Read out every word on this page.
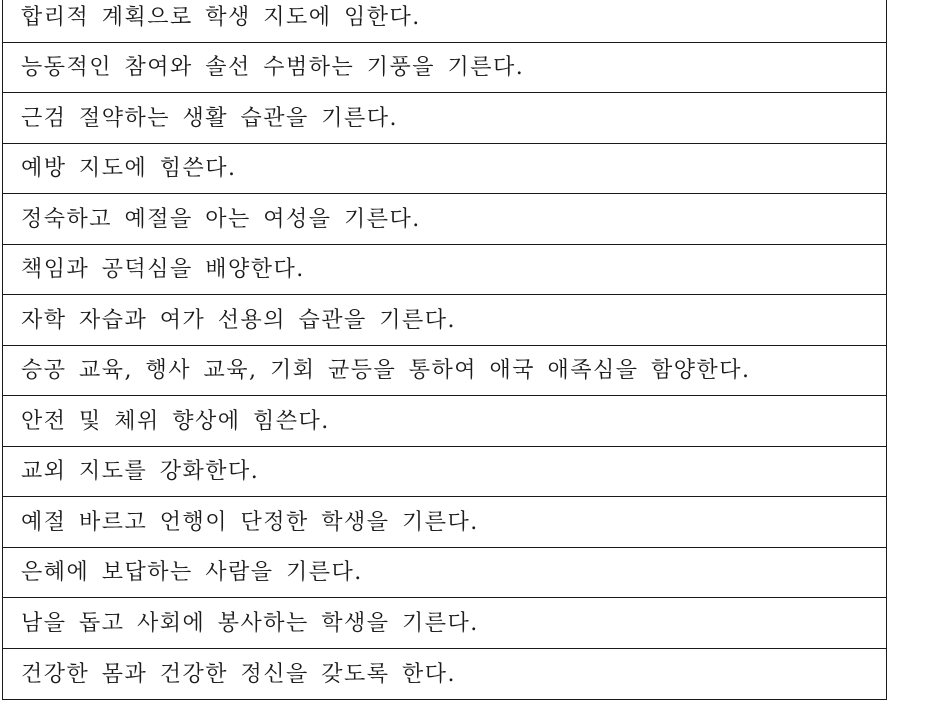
합리적 계획으로 학생 지도에 임한다.
능동적인 참여와 솔선 수범하는 기풍을 기른다.
근검 절약하는 생활 습관을 기른다.
예방 지도에 힘쓴다.
정숙하고 예절을 아는 여성을 기른다.
책임과 공덕심을 배양한다.
자학 자습과 여가 선용의 습관을 기른다.
승공 교육, 행사 교육, 기회 균등을 통하여 애국 애족심을 함양한다.
안전 및 체위 향상에 힘쓴다.
교외 지도를 강화한다.
예절 바르고 언행이 단정한 학생을 기른다.
은혜에 보답하는 사람을 기른다.
남을 돕고 사회에 봉사하는 학생을 기른다.
건강한 몸과 건강한 정신을 갖도록 한다.
